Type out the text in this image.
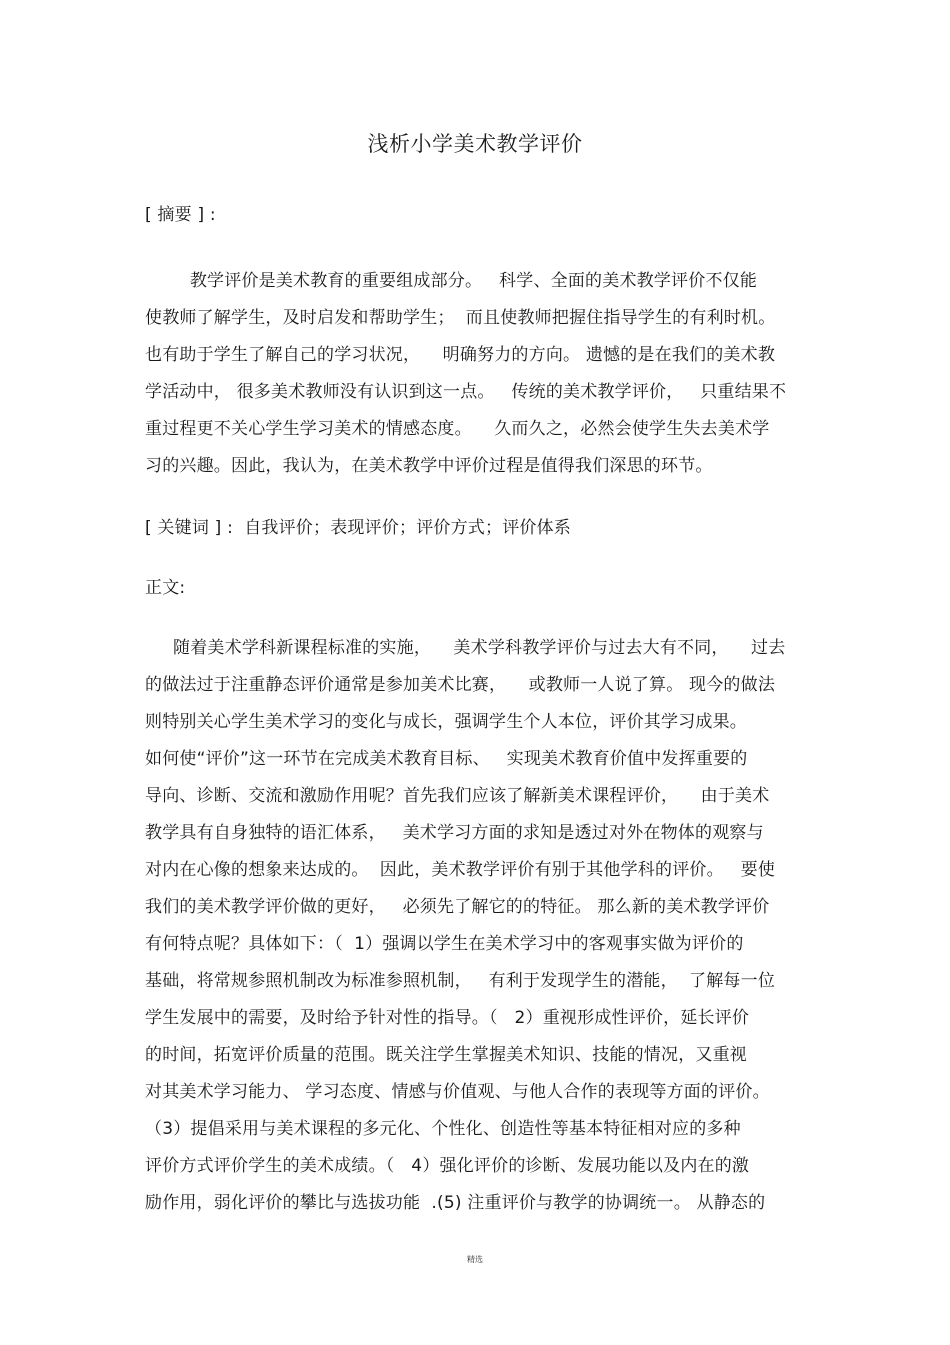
浅析小学美术教学评价
[ 摘要 ] :
教学评价是美术教育的重要组成部分。   科学、全面的美术教学评价不仅能
使教师了解学生，及时启发和帮助学生；  而且使教师把握住指导学生的有利时机。
也有助于学生了解自己的学习状况，    明确努力的方向。 遗憾的是在我们的美术教
学活动中， 很多美术教师没有认识到这一点。   传统的美术教学评价，   只重结果不
重过程更不关心学生学习美术的情感态度。    久而久之，必然会使学生失去美术学
习的兴趣。因此，我认为，在美术教学中评价过程是值得我们深思的环节。
[ 关键词 ] :  自我评价；表现评价；评价方式；评价体系
正文:
随着美术学科新课程标准的实施，    美术学科教学评价与过去大有不同，    过去
的做法过于注重静态评价通常是参加美术比赛，    或教师一人说了算。 现今的做法
则特别关心学生美术学习的变化与成长，强调学生个人本位，评价其学习成果。
如何使“评价”这一环节在完成美术教育目标、   实现美术教育价值中发挥重要的
导向、诊断、交流和激励作用呢？首先我们应该了解新美术课程评价，    由于美术
教学具有自身独特的语汇体系，   美术学习方面的求知是透过对外在物体的观察与
对内在心像的想象来达成的。  因此，美术教学评价有别于其他学科的评价。   要使
我们的美术教学评价做的更好，   必须先了解它的的特征。 那么新的美术教学评价
有何特点呢？具体如下：（  1）强调以学生在美术学习中的客观事实做为评价的
基础，将常规参照机制改为标准参照机制，   有利于发现学生的潜能，  了解每一位
学生发展中的需要，及时给予针对性的指导。（   2）重视形成性评价，延长评价
的时间，拓宽评价质量的范围。既关注学生掌握美术知识、技能的情况，又重视
对其美术学习能力、 学习态度、情感与价值观、与他人合作的表现等方面的评价。
（3）提倡采用与美术课程的多元化、个性化、创造性等基本特征相对应的多种
评价方式评价学生的美术成绩。（   4）强化评价的诊断、发展功能以及内在的激
励作用，弱化评价的攀比与选拔功能  .(5) 注重评价与教学的协调统一。 从静态的
精选
